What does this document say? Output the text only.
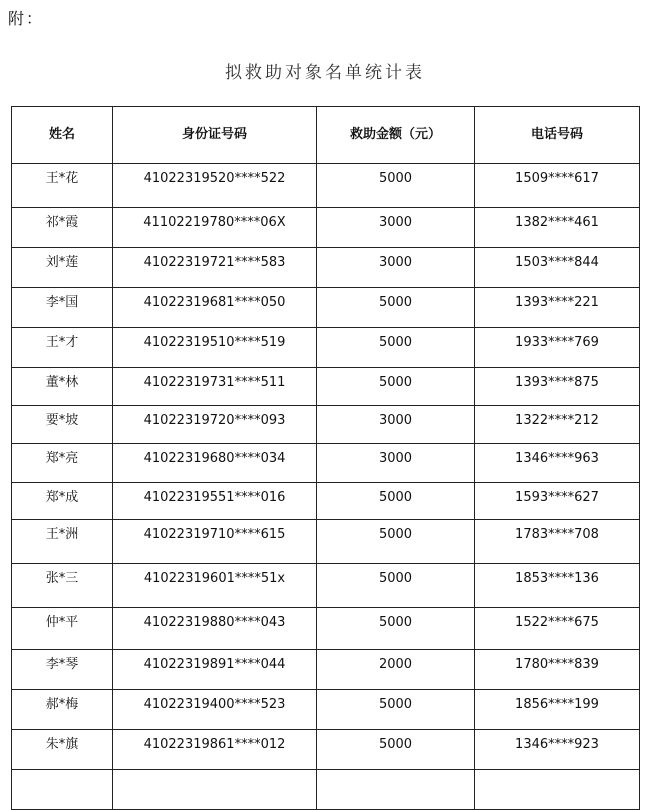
附：
拟救助对象名单统计表
姓名	身份证号码	救助金额（元）	电话号码
王*花	41022319520****522	5000	1509****617
祁*霞	41102219780****06X	3000	1382****461
刘*莲	41022319721****583	3000	1503****844
李*国	41022319681****050	5000	1393****221
王*才	41022319510****519	5000	1933****769
董*林	41022319731****511	5000	1393****875
要*坡	41022319720****093	3000	1322****212
郑*亮	41022319680****034	3000	1346****963
郑*成	41022319551****016	5000	1593****627
王*洲	41022319710****615	5000	1783****708
张*三	41022319601****51x	5000	1853****136
仲*平	41022319880****043	5000	1522****675
李*琴	41022319891****044	2000	1780****839
郝*梅	41022319400****523	5000	1856****199
朱*旗	41022319861****012	5000	1346****923
